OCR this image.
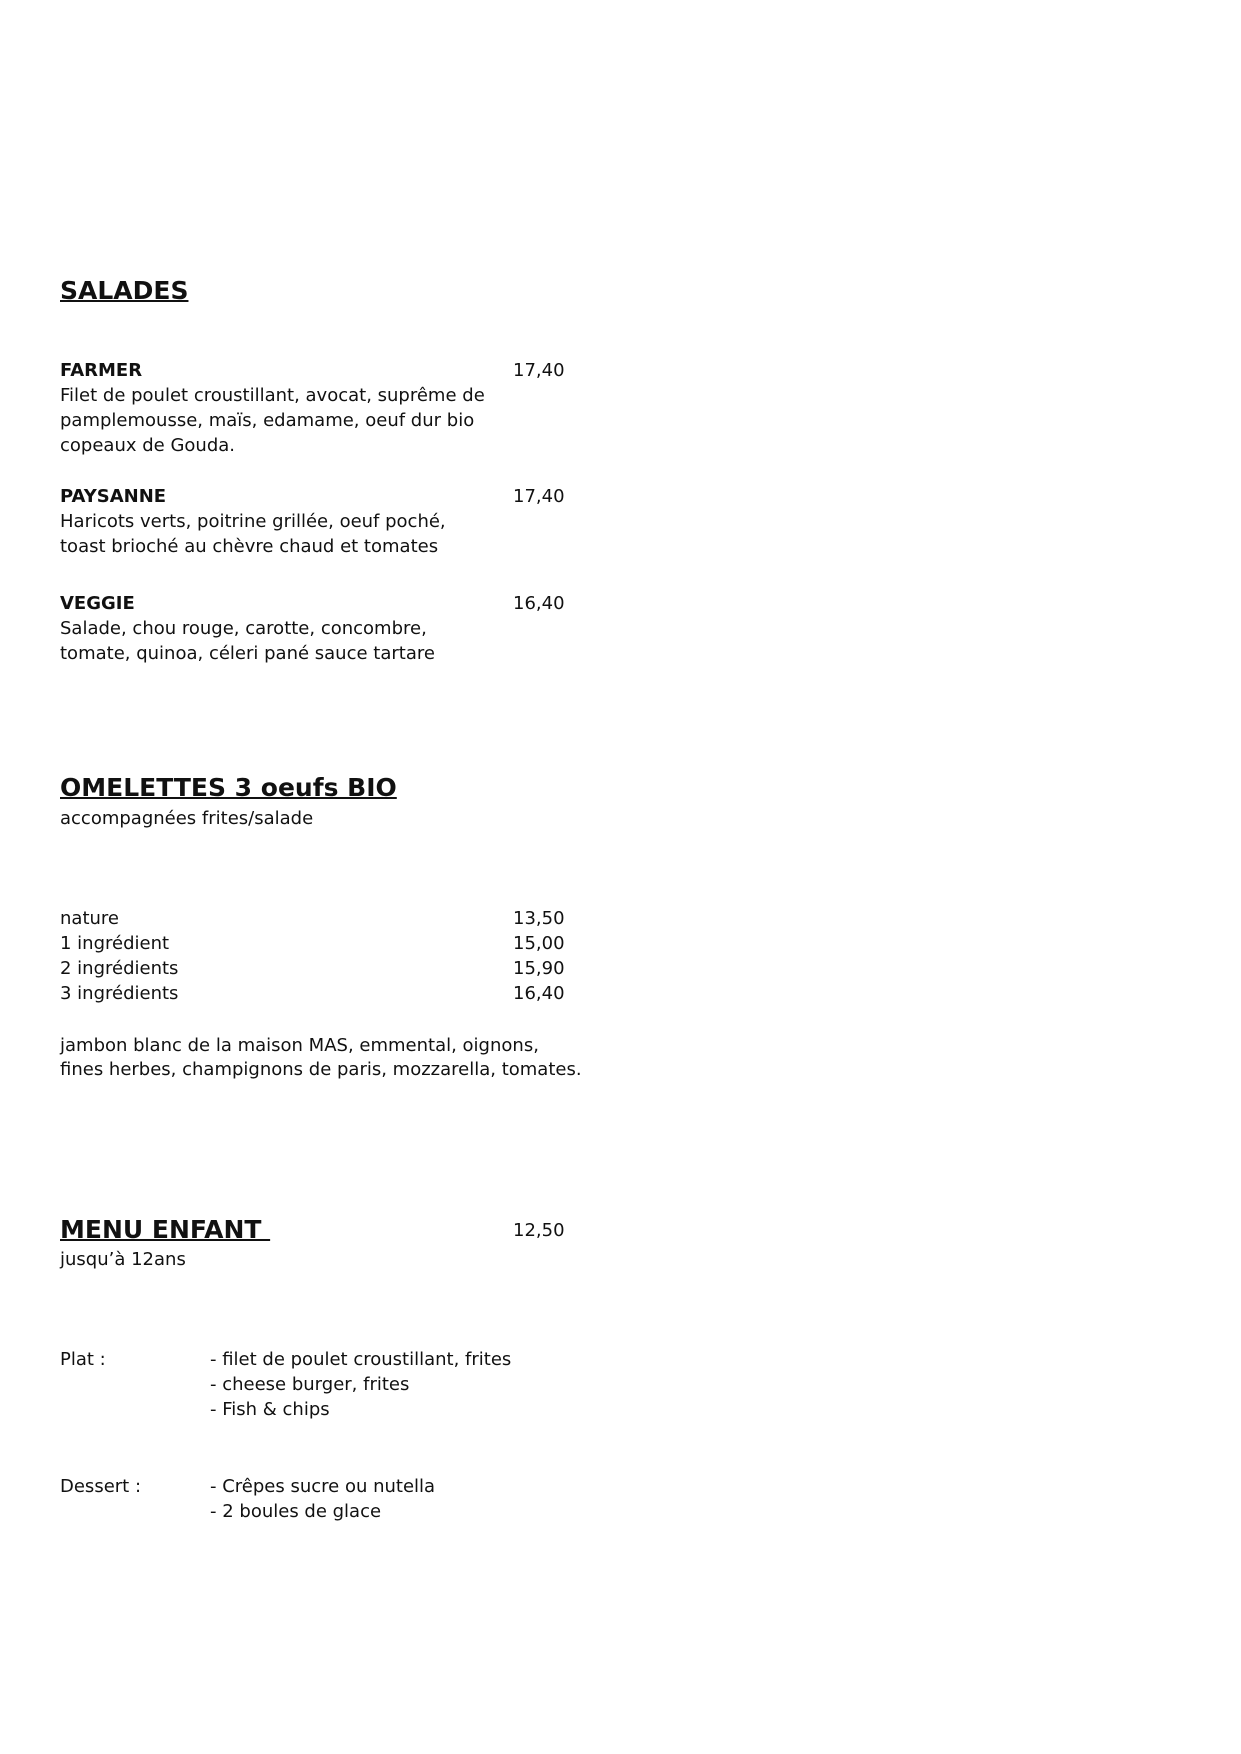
SALADES
FARMER	17,40
Filet de poulet croustillant, avocat, suprême de
pamplemousse, maïs, edamame, oeuf dur bio
copeaux de Gouda.
PAYSANNE	17,40
Haricots verts, poitrine grillée, oeuf poché,
toast brioché au chèvre chaud et tomates
VEGGIE	16,40
Salade, chou rouge, carotte, concombre,
tomate, quinoa, céleri pané sauce tartare
OMELETTES 3 oeufs BIO
accompagnées frites/salade
nature	13,50
1 ingrédient	15,00
2 ingrédients	15,90
3 ingrédients	16,40
jambon blanc de la maison MAS, emmental, oignons,
fines herbes, champignons de paris, mozzarella, tomates.
MENU ENFANT	12,50
jusqu’à 12ans
Plat :	- filet de poulet croustillant, frites
- cheese burger, frites
- Fish & chips
Dessert :	- Crêpes sucre ou nutella
- 2 boules de glace
